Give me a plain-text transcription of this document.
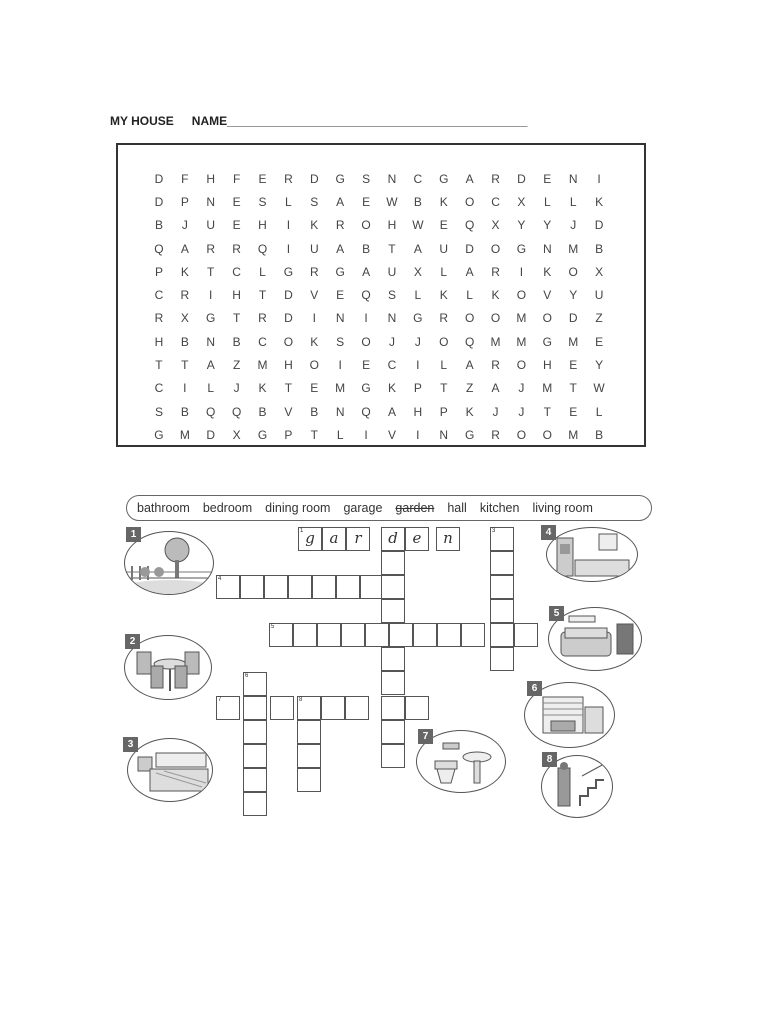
MY HOUSE NAME_____________________________________________
D	F	H	F	E	R	D	G	S	N	C	G	A	R	D	E	N	I
D	P	N	E	S	L	S	A	E	W	B	K	O	C	X	L	L	K
B	J	U	E	H	I	K	R	O	H	W	E	Q	X	Y	Y	J	D
Q	A	R	R	Q	I	U	A	B	T	A	U	D	O	G	N	M	B
P	K	T	C	L	G	R	G	A	U	X	L	A	R	I	K	O	X
C	R	I	H	T	D	V	E	Q	S	L	K	L	K	O	V	Y	U
R	X	G	T	R	D	I	N	I	N	G	R	O	O	M	O	D	Z
H	B	N	B	C	O	K	S	O	J	J	O	Q	M	M	G	M	E
T	T	A	Z	M	H	O	I	E	C	I	L	A	R	O	H	E	Y
C	I	L	J	K	T	E	M	G	K	P	T	Z	A	J	M	T	W
S	B	Q	Q	B	V	B	N	Q	A	H	P	K	J	J	T	E	L
G	M	D	X	G	P	T	L	I	V	I	N	G	R	O	O	M	B
bathroom bedroom dining room garage garden hall kitchen living room
1 g a	r	d e	n	3
4
5
7	8
6
1
2
3
4
5
6
7
8
